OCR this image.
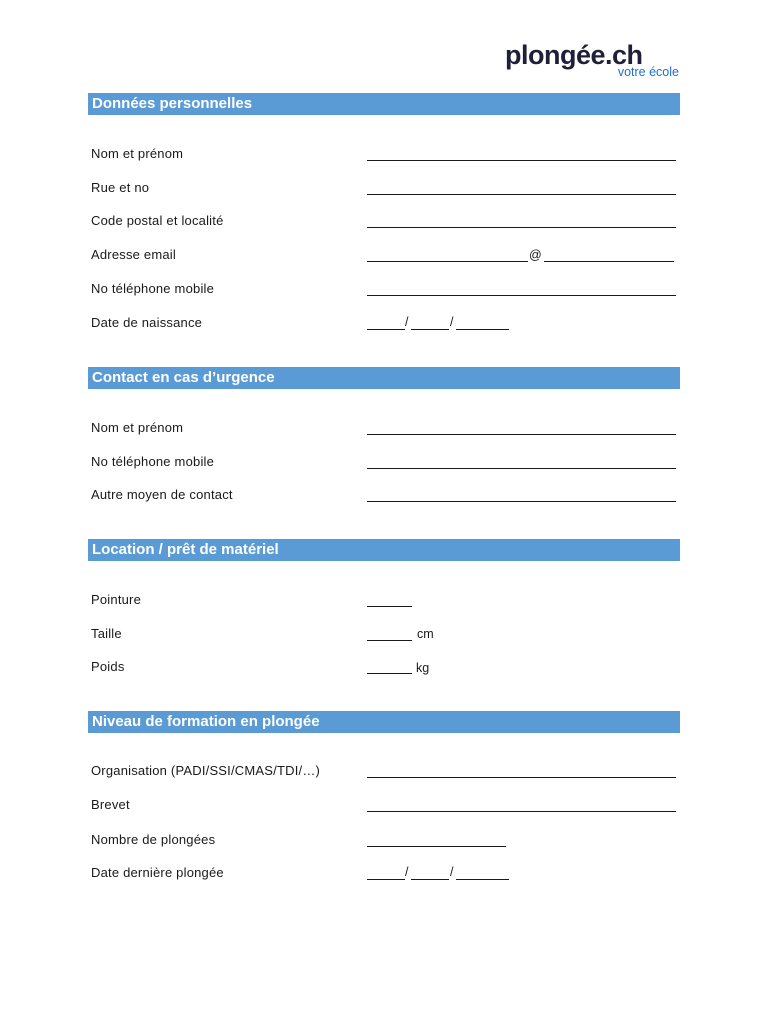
plongée.ch
votre école
Données personnelles
Nom et prénom
Rue et no
Code postal et localité
Adresse email	@
No téléphone mobile
Date de naissance	/	/
Contact en cas d’urgence
Nom et prénom
No téléphone mobile
Autre moyen de contact
Location / prêt de matériel
Pointure
Taille	cm
Poids	kg
Niveau de formation en plongée
Organisation (PADI/SSI/CMAS/TDI/…)
Brevet
Nombre de plongées
Date dernière plongée	/	/
